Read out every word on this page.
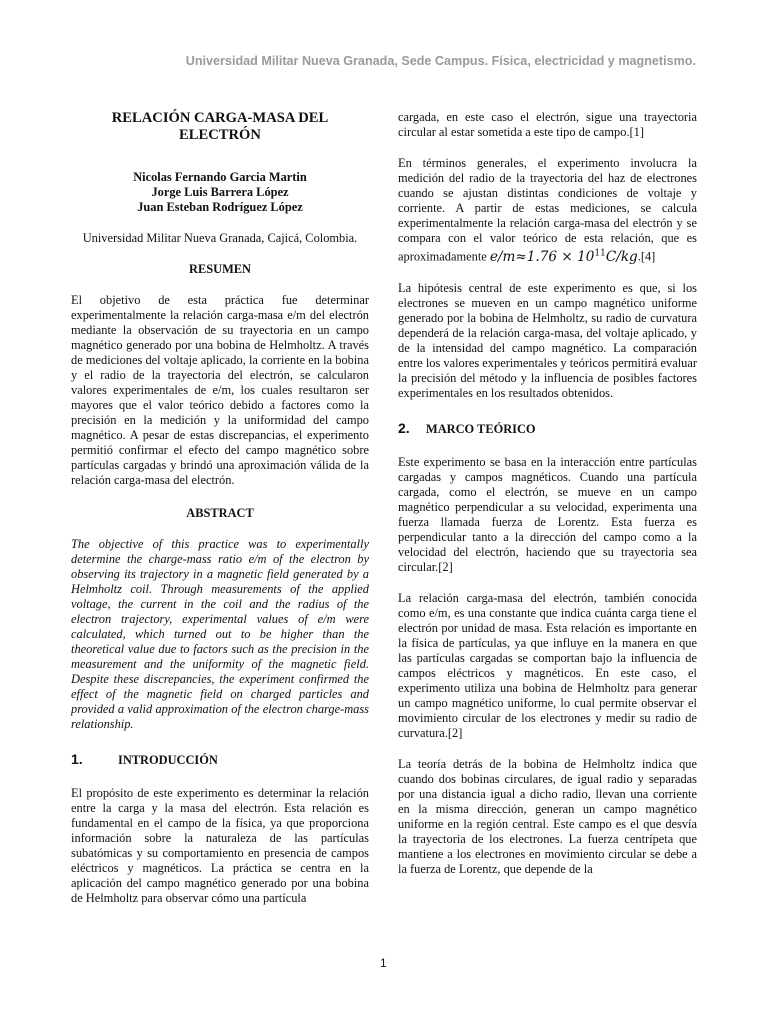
Universidad Militar Nueva Granada, Sede Campus. Física, electricidad y magnetismo.
RELACIÓN CARGA-MASA DEL
ELECTRÓN
Nicolas Fernando Garcia Martin
Jorge Luis Barrera López
Juan Esteban Rodríguez López
Universidad Militar Nueva Granada, Cajicá, Colombia.
RESUMEN

El objetivo de esta práctica fue determinar experimentalmente la relación carga-masa e/m del electrón mediante la observación de su trayectoria en un campo magnético generado por una bobina de Helmholtz. A través de mediciones del voltaje aplicado, la corriente en la bobina y el radio de la trayectoria del electrón, se calcularon valores experimentales de e/m, los cuales resultaron ser mayores que el valor teórico debido a factores como la precisión en la medición y la uniformidad del campo magnético. A pesar de estas discrepancias, el experimento permitió confirmar el efecto del campo magnético sobre partículas cargadas y brindó una aproximación válida de la relación carga-masa del electrón.

ABSTRACT

The objective of this practice was to experimentally determine the charge-mass ratio e/m of the electron by observing its trajectory in a magnetic field generated by a Helmholtz coil. Through measurements of the applied voltage, the current in the coil and the radius of the electron trajectory, experimental values of e/m were calculated, which turned out to be higher than the theoretical value due to factors such as the precision in the measurement and the uniformity of the magnetic field. Despite these discrepancies, the experiment confirmed the effect of the magnetic field on charged particles and provided a valid approximation of the electron charge-mass relationship.

1.	INTRODUCCIÓN

El propósito de este experimento es determinar la relación entre la carga y la masa del electrón. Esta relación es fundamental en el campo de la física, ya que proporciona información sobre la naturaleza de las partículas subatómicas y su comportamiento en presencia de campos eléctricos y magnéticos. La práctica se centra en la aplicación del campo magnético generado por una bobina de Helmholtz para observar cómo una partícula

cargada, en este caso el electrón, sigue una trayectoria circular al estar sometida a este tipo de campo.[1]

En términos generales, el experimento involucra la medición del radio de la trayectoria del haz de electrones cuando se ajustan distintas condiciones de voltaje y corriente. A partir de estas mediciones, se calcula experimentalmente la relación carga-masa del electrón y se compara con el valor teórico de esta relación, que es aproximadamente $e/m\approx 1.76 \times 10^{11}C/kg.[4]$

La hipótesis central de este experimento es que, si los electrones se mueven en un campo magnético uniforme generado por la bobina de Helmholtz, su radio de curvatura dependerá de la relación carga-masa, del voltaje aplicado, y de la intensidad del campo magnético. La comparación entre los valores experimentales y teóricos permitirá evaluar la precisión del método y la influencia de posibles factores experimentales en los resultados obtenidos.

2.	MARCO TEÓRICO

Este experimento se basa en la interacción entre partículas cargadas y campos magnéticos. Cuando una partícula cargada, como el electrón, se mueve en un campo magnético perpendicular a su velocidad, experimenta una fuerza llamada fuerza de Lorentz. Esta fuerza es perpendicular tanto a la dirección del campo como a la velocidad del electrón, haciendo que su trayectoria sea circular.[2]

La relación carga-masa del electrón, también conocida como e/m, es una constante que indica cuánta carga tiene el electrón por unidad de masa. Esta relación es importante en la física de partículas, ya que influye en la manera en que las partículas cargadas se comportan bajo la influencia de campos eléctricos y magnéticos. En este caso, el experimento utiliza una bobina de Helmholtz para generar un campo magnético uniforme, lo cual permite observar el movimiento circular de los electrones y medir su radio de curvatura.[2]

La teoría detrás de la bobina de Helmholtz indica que cuando dos bobinas circulares, de igual radio y separadas por una distancia igual a dicho radio, llevan una corriente en la misma dirección, generan un campo magnético uniforme en la región central. Este campo es el que desvía la trayectoria de los electrones. La fuerza centrípeta que mantiene a los electrones en movimiento circular se debe a la fuerza de Lorentz, que depende de la

1
